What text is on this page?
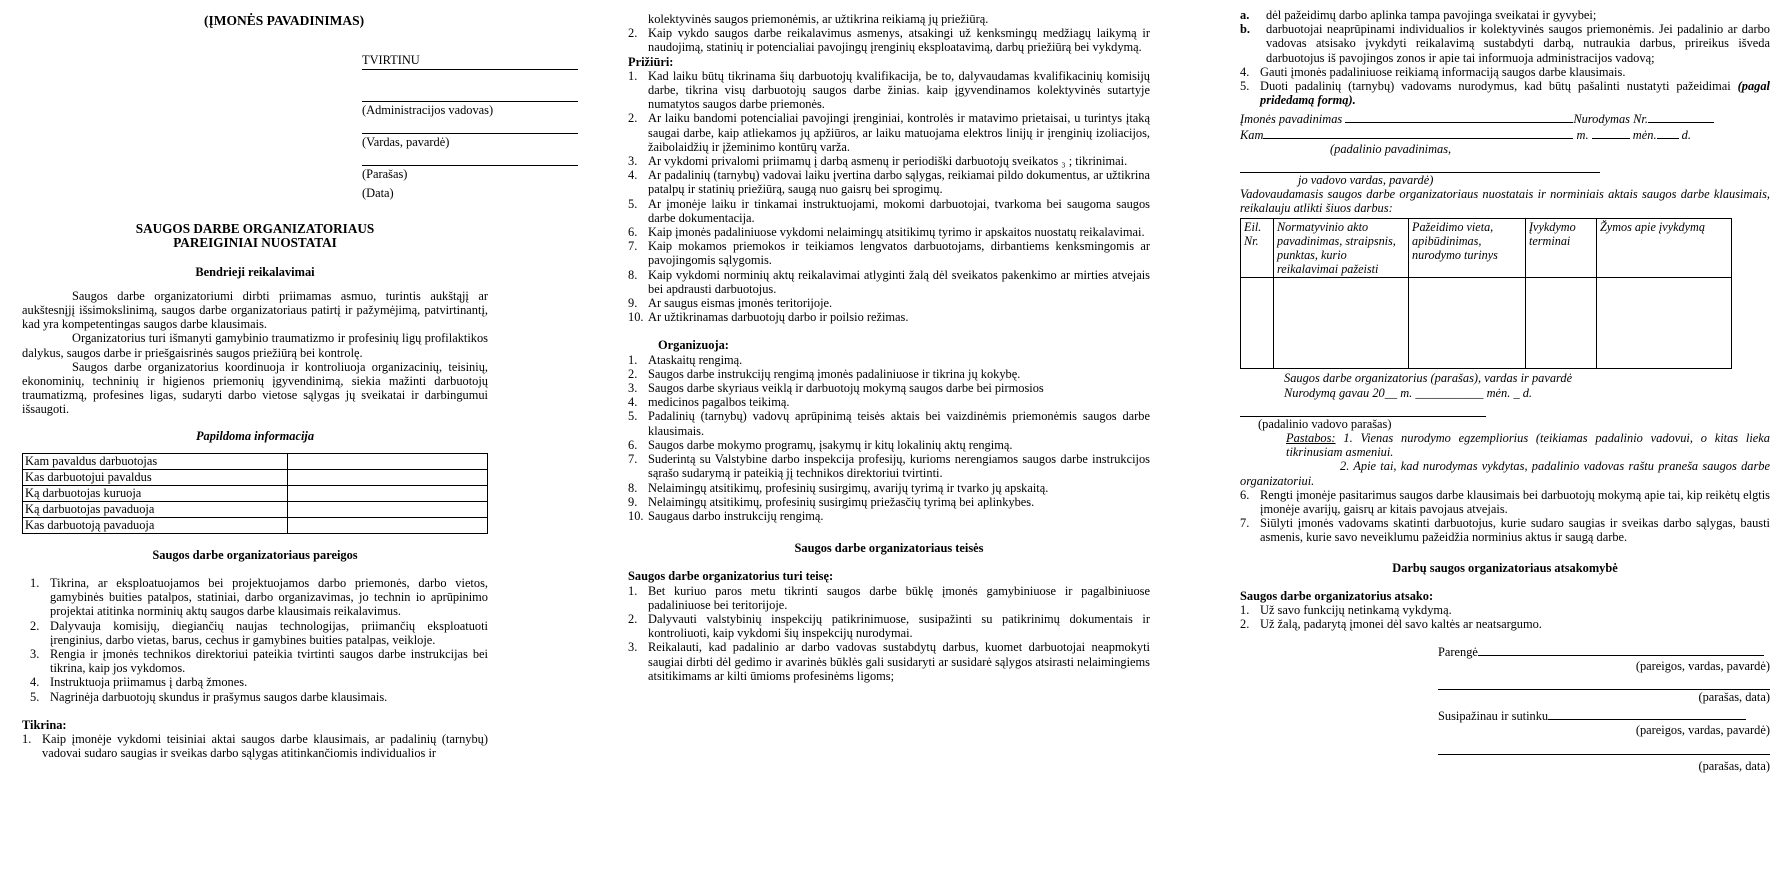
(ĮMONĖS PAVADINIMAS)
TVIRTINU
(Administracijos vadovas)
(Vardas, pavardė)
(Parašas)
(Data)
SAUGOS DARBE ORGANIZATORIAUS
PAREIGINIAI NUOSTATAI
Bendrieji reikalavimai

Saugos darbe organizatoriumi dirbti priimamas asmuo, turintis aukštąjį ar aukštesnįjį išsimokslinimą, saugos darbe organizatoriaus patirtį ir pažymėjimą, patvirtinantį, kad yra kompetentingas saugos darbe klausimais.

Organizatorius turi išmanyti gamybinio traumatizmo ir profesinių ligų profilaktikos dalykus, saugos darbe ir priešgaisrinės saugos priežiūrą bei kontrolę.

Saugos darbe organizatorius koordinuoja ir kontroliuoja organizacinių, teisinių, ekonominių, techninių ir higienos priemonių įgyvendinimą, siekia mažinti darbuotojų traumatizmą, profesines ligas, sudaryti darbo vietose sąlygas jų sveikatai ir darbingumui išsaugoti.

Papildoma informacija
Kam pavaldus darbuotojas	
Kas darbuotojui pavaldus	
Ką darbuotojas kuruoja	
Ką darbuotojas pavaduoja	
Kas darbuotoją pavaduoja	
Saugos darbe organizatoriaus pareigos
1. Tikrina, ar eksploatuojamos bei projektuojamos darbo priemonės, darbo vietos, gamybinės buities patalpos, statiniai, darbo organizavimas, jo technin io aprūpinimo projektai atitinka norminių aktų saugos darbe klausimais reikalavimus.
2. Dalyvauja komisijų, diegiančių naujas technologijas, priimančių eksploatuoti įrenginius, darbo vietas, barus, cechus ir gamybines buities patalpas, veikloje.
3. Rengia ir įmonės technikos direktoriui pateikia tvirtinti saugos darbe instrukcijas bei tikrina, kaip jos vykdomos.
4. Instruktuoja priimamus į darbą žmones.
5. Nagrinėja darbuotojų skundus ir prašymus saugos darbe klausimais.

Tikrina:

1. Kaip įmonėje vykdomi teisiniai aktai saugos darbe klausimais, ar padalinių (tarnybų) vadovai sudaro saugias ir sveikas darbo sąlygas atitinkančiomis individualios ir

kolektyvinės saugos priemonėmis, ar užtikrina reikiamą jų priežiūrą.

2. Kaip vykdo saugos darbe reikalavimus asmenys, atsakingi už kenksmingų medžiagų laikymą ir naudojimą, statinių ir potencialiai pavojingų įrenginių eksploatavimą, darbų priežiūrą bei vykdymą.

Prižiūri:

1. Kad laiku būtų tikrinama šių darbuotojų kvalifikacija, be to, dalyvaudamas kvalifikacinių komisijų darbe, tikrina visų darbuotojų saugos darbe žinias. kaip įgyvendinamos kolektyvinės sutartyje numatytos saugos darbe priemonės.
2. Ar laiku bandomi potencialiai pavojingi įrenginiai, kontrolės ir matavimo prietaisai, u turintys įtaką saugai darbe, kaip atliekamos jų apžiūros, ar laiku matuojama elektros linijų ir įrenginių izoliacijos, žaibolaidžių ir įžeminimo kontūrų varža.
3. Ar vykdomi privalomi priimamų į darbą asmenų ir periodiški darbuotojų sveikatos ₃ ; tikrinimai.
4. Ar padalinių (tarnybų) vadovai laiku įvertina darbo sąlygas, reikiamai pildo dokumentus, ar užtikrina patalpų ir statinių priežiūrą, saugą nuo gaisrų bei sprogimų.
5. Ar įmonėje laiku ir tinkamai instruktuojami, mokomi darbuotojai, tvarkoma bei saugoma saugos darbe dokumentacija.
6. Kaip įmonės padaliniuose vykdomi nelaimingų atsitikimų tyrimo ir apskaitos nuostatų reikalavimai.
7. Kaip mokamos priemokos ir teikiamos lengvatos darbuotojams, dirbantiems kenksmingomis ar pavojingomis sąlygomis.
8. Kaip vykdomi norminių aktų reikalavimai atlyginti žalą dėl sveikatos pakenkimo ar mirties atvejais bei apdrausti darbuotojus.
9. Ar saugus eismas įmonės teritorijoje.
10. Ar užtikrinamas darbuotojų darbo ir poilsio režimas.

Organizuoja:

1. Ataskaitų rengimą.
2. Saugos darbe instrukcijų rengimą įmonės padaliniuose ir tikrina jų kokybę.
3. Saugos darbe skyriaus veiklą ir darbuotojų mokymą saugos darbe bei pirmosios
4. medicinos pagalbos teikimą.
5. Padalinių (tarnybų) vadovų aprūpinimą teisės aktais bei vaizdinėmis priemonėmis saugos darbe klausimais.
6. Saugos darbe mokymo programų, įsakymų ir kitų lokalinių aktų rengimą.
7. Suderintą su Valstybine darbo inspekcija profesijų, kurioms nerengiamos saugos darbe instrukcijos sąrašo sudarymą ir pateikią jį technikos direktoriui tvirtinti.
8. Nelaimingų atsitikimų, profesinių susirgimų, avarijų tyrimą ir tvarko jų apskaitą.
9. Nelaimingų atsitikimų, profesinių susirgimų priežasčių tyrimą bei aplinkybes.
10. Saugaus darbo instrukcijų rengimą.
Saugos darbe organizatoriaus teisės

Saugos darbe organizatorius turi teisę:

1. Bet kuriuo paros metu tikrinti saugos darbe būklę įmonės gamybiniuose ir pagalbiniuose padaliniuose bei teritorijoje.
2. Dalyvauti valstybinių inspekcijų patikrinimuose, susipažinti su patikrinimų dokumentais ir kontroliuoti, kaip vykdomi šių inspekcijų nurodymai.
3. Reikalauti, kad padalinio ar darbo vadovas sustabdytų darbus, kuomet darbuotojai neapmokyti saugiai dirbti dėl gedimo ir avarinės būklės gali susidaryti ar susidarė sąlygos atsirasti nelaimingiems atsitikimams ar kilti ūmioms profesinėms ligoms;
a. dėl pažeidimų darbo aplinka tampa pavojinga sveikatai ir gyvybei;
b. darbuotojai neaprūpinami individualios ir kolektyvinės saugos priemonėmis. Jei padalinio ar darbo vadovas atsisako įvykdyti reikalavimą sustabdyti darbą, nutraukia darbus, prireikus išveda darbuotojus iš pavojingos zonos ir apie tai informuoja administracijos vadovą;
4. Gauti įmonės padaliniuose reikiamą informaciją saugos darbe klausimais.
5. Duoti padalinių (tarnybų) vadovams nurodymus, kad būtų pašalinti nustatyti pažeidimai (pagal pridedamą formą).

Įmonės pavadinimas	Nurodymas Nr.

Kam	m.	mėn. d.

(padalinio pavadinimas,

jo vadovo vardas, pavardė)

Vadovaudamasis saugos darbe organizatoriaus nuostatais ir norminiais aktais saugos darbe klausimais, reikalauju atlikti šiuos darbus:

Eil. Nr.	Normatyvinio akto pavadinimas, straipsnis, punktas, kurio reikalavimai pažeisti	Pažeidimo vieta, apibūdinimas, nurodymo turinys	Įvykdymo terminai	Žymos apie įvykdymą

Saugos darbe organizatorius (parašas), vardas ir pavardė

Nurodymą gavau 20__ m. ___________ mėn. _ d.

(padalinio vadovo parašas)

Pastabos: 1. Vienas nurodymo egzempliorius (teikiamas padalinio vadovui, o kitas lieka tikrinusiam asmeniui.

2. Apie tai, kad nurodymas vykdytas, padalinio vadovas raštu praneša saugos darbe organizatoriui.

6. Rengti įmonėje pasitarimus saugos darbe klausimais bei darbuotojų mokymą apie tai, kip reikėtų elgtis įmonėje avarijų, gaisrų ar kitais pavojaus atvejais.
7. Siūlyti įmonės vadovams skatinti darbuotojus, kurie sudaro saugias ir sveikas darbo sąlygas, bausti asmenis, kurie savo neveiklumu pažeidžia norminius aktus ir saugą darbe.
Darbų saugos organizatoriaus atsakomybė

Saugos darbe organizatorius atsako:

1. Už savo funkcijų netinkamą vykdymą.
2. Už žalą, padarytą įmonei dėl savo kaltės ar neatsargumo.

Parengė

(pareigos, vardas, pavardė)

(parašas, data)

Susipažinau ir sutinku

(pareigos, vardas, pavardė)

(parašas, data)
